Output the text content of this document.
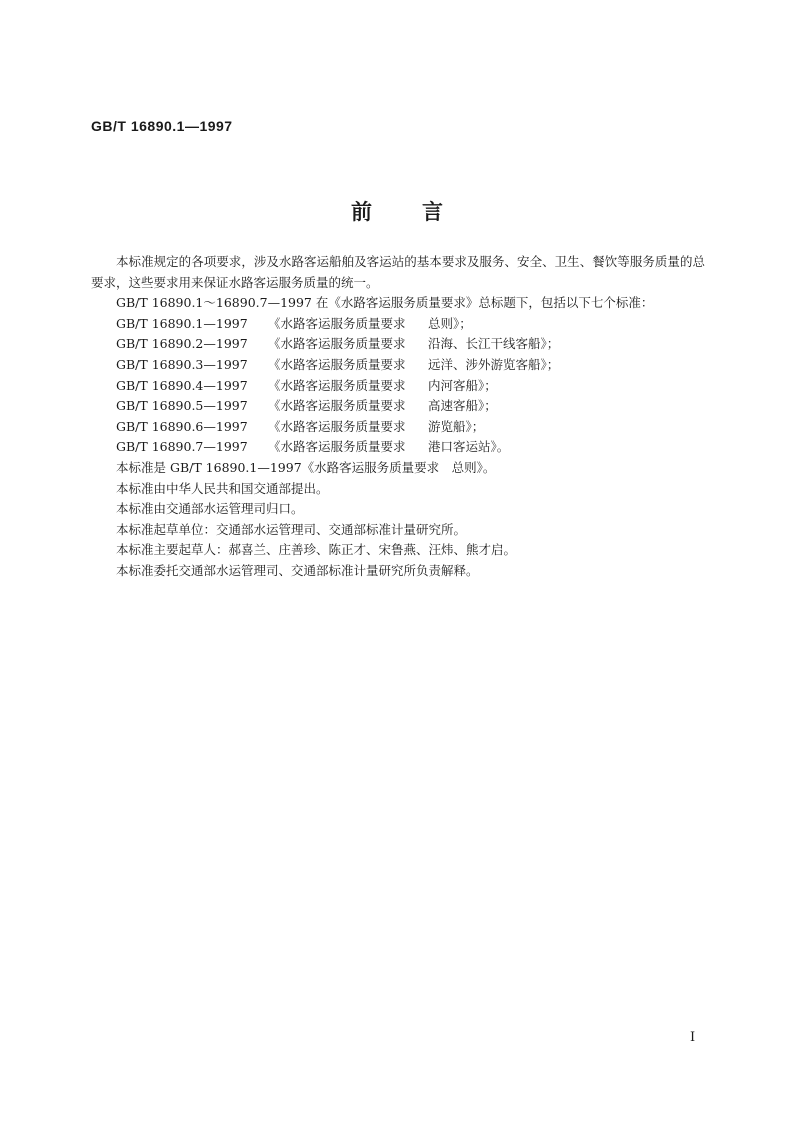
GB/T 16890.1—1997
前 言

本标准规定的各项要求，涉及水路客运船舶及客运站的基本要求及服务、安全、卫生、餐饮等服务质量的总要求，这些要求用来保证水路客运服务质量的统一。

GB/T 16890.1～16890.7—1997 在《水路客运服务质量要求》总标题下，包括以下七个标准：

GB/T 16890.1—1997 《水路客运服务质量要求 总则》；

GB/T 16890.2—1997 《水路客运服务质量要求 沿海、长江干线客船》；

GB/T 16890.3—1997 《水路客运服务质量要求 远洋、涉外游览客船》；

GB/T 16890.4—1997 《水路客运服务质量要求 内河客船》；

GB/T 16890.5—1997 《水路客运服务质量要求 高速客船》；

GB/T 16890.6—1997 《水路客运服务质量要求 游览船》；

GB/T 16890.7—1997 《水路客运服务质量要求 港口客运站》。

本标准是 GB/T 16890.1—1997《水路客运服务质量要求　总则》。

本标准由中华人民共和国交通部提出。

本标准由交通部水运管理司归口。

本标准起草单位：交通部水运管理司、交通部标准计量研究所。

本标准主要起草人：郝喜兰、庄善珍、陈正才、宋鲁燕、汪炜、熊才启。

本标准委托交通部水运管理司、交通部标准计量研究所负责解释。

I
